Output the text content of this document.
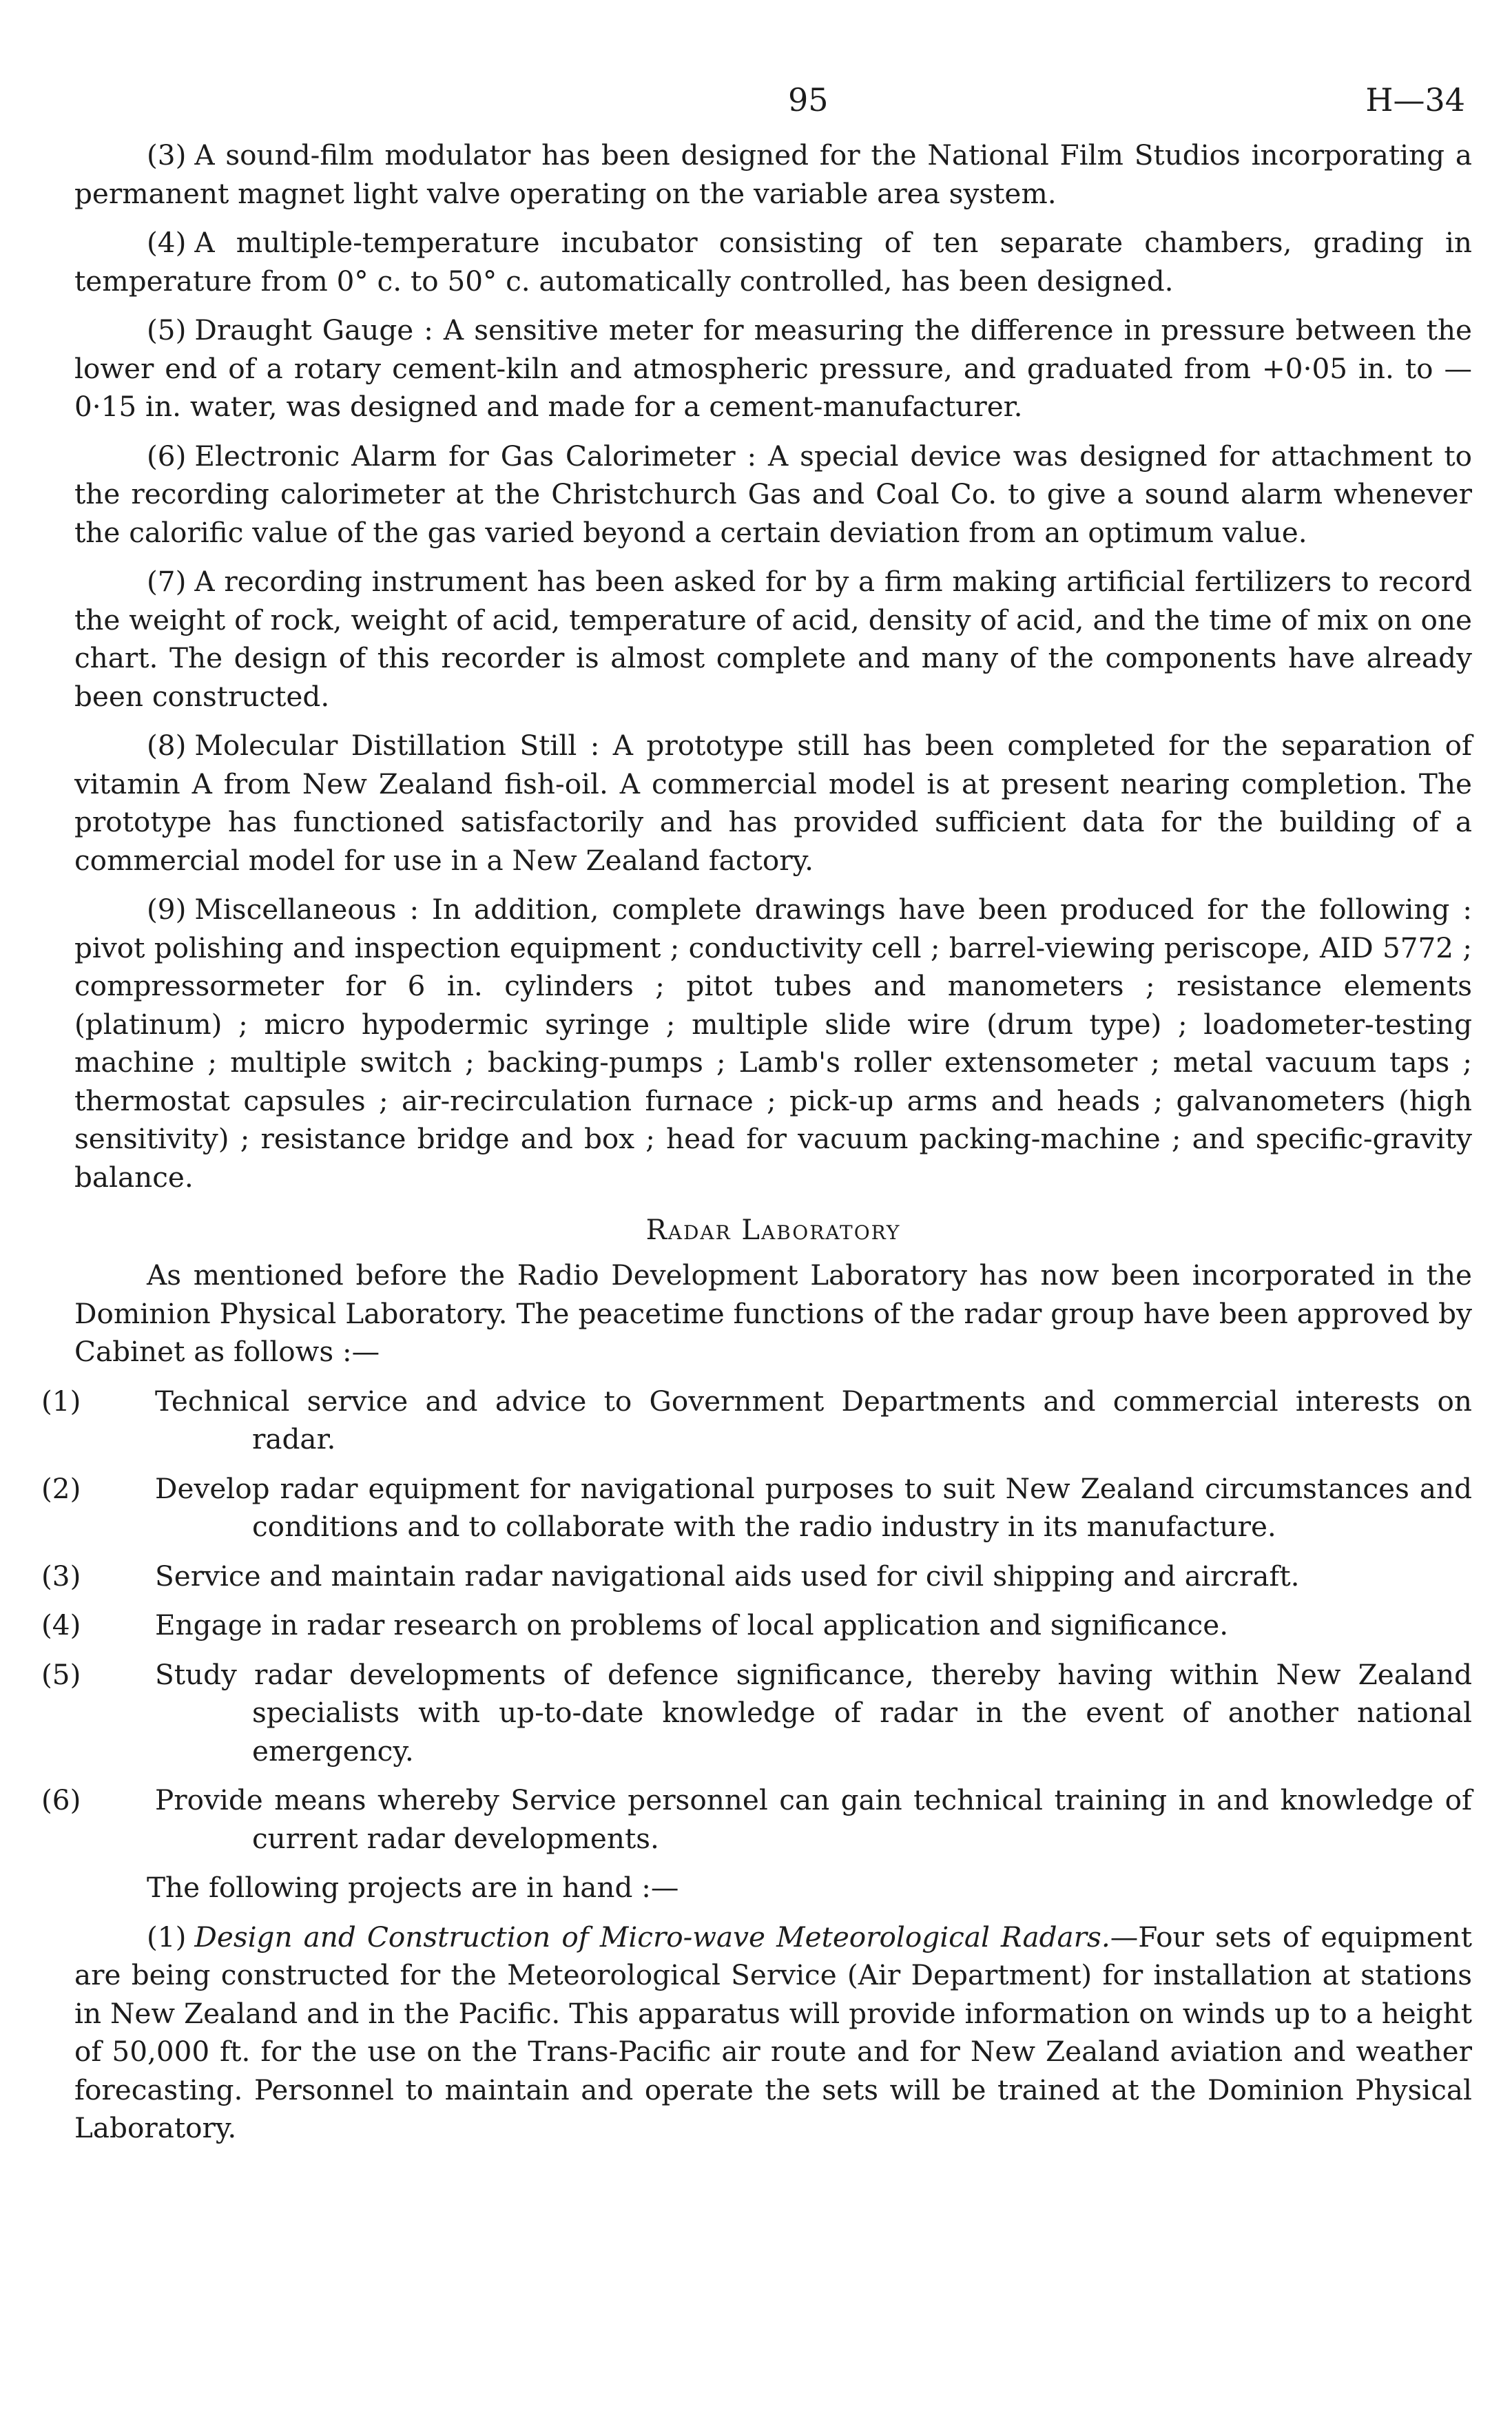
95	H—34

(3) A sound-film modulator has been designed for the National Film Studios incorporating a permanent magnet light valve operating on the variable area system.

(4) A multiple-temperature incubator consisting of ten separate chambers, grading in temperature from 0° c. to 50° c. automatically controlled, has been designed.

(5) Draught Gauge : A sensitive meter for measuring the difference in pressure between the lower end of a rotary cement-kiln and atmospheric pressure, and graduated from +0·05 in. to —0·15 in. water, was designed and made for a cement-manufacturer.

(6) Electronic Alarm for Gas Calorimeter : A special device was designed for attachment to the recording calorimeter at the Christchurch Gas and Coal Co. to give a sound alarm whenever the calorific value of the gas varied beyond a certain deviation from an optimum value.

(7) A recording instrument has been asked for by a firm making artificial fertilizers to record the weight of rock, weight of acid, temperature of acid, density of acid, and the time of mix on one chart. The design of this recorder is almost complete and many of the components have already been constructed.

(8) Molecular Distillation Still : A prototype still has been completed for the separation of vitamin A from New Zealand fish-oil. A commercial model is at present nearing completion. The prototype has functioned satisfactorily and has provided sufficient data for the building of a commercial model for use in a New Zealand factory.

(9) Miscellaneous : In addition, complete drawings have been produced for the following : pivot polishing and inspection equipment ; conductivity cell ; barrel-viewing periscope, AID 5772 ; compressormeter for 6 in. cylinders ; pitot tubes and manometers ; resistance elements (platinum) ; micro hypodermic syringe ; multiple slide wire (drum type) ; loadometer-testing machine ; multiple switch ; backing-pumps ; Lamb's roller extensometer ; metal vacuum taps ; thermostat capsules ; air-recirculation furnace ; pick-up arms and heads ; galvanometers (high sensitivity) ; resistance bridge and box ; head for vacuum packing-machine ; and specific-gravity balance.

Radar Laboratory

As mentioned before the Radio Development Laboratory has now been incorporated in the Dominion Physical Laboratory. The peacetime functions of the radar group have been approved by Cabinet as follows :—

(1)	Technical service and advice to Government Departments and commercial interests on radar.
(2)	Develop radar equipment for navigational purposes to suit New Zealand circumstances and conditions and to collaborate with the radio industry in its manufacture.
(3)	Service and maintain radar navigational aids used for civil shipping and aircraft.
(4)	Engage in radar research on problems of local application and significance.
(5)	Study radar developments of defence significance, thereby having within New Zealand specialists with up-to-date knowledge of radar in the event of another national emergency.
(6)	Provide means whereby Service personnel can gain technical training in and knowledge of current radar developments.

The following projects are in hand :—

(1) Design and Construction of Micro-wave Meteorological Radars.—Four sets of equipment are being constructed for the Meteorological Service (Air Department) for installation at stations in New Zealand and in the Pacific. This apparatus will provide information on winds up to a height of 50,000 ft. for the use on the Trans-Pacific air route and for New Zealand aviation and weather forecasting. Personnel to maintain and operate the sets will be trained at the Dominion Physical Laboratory.
